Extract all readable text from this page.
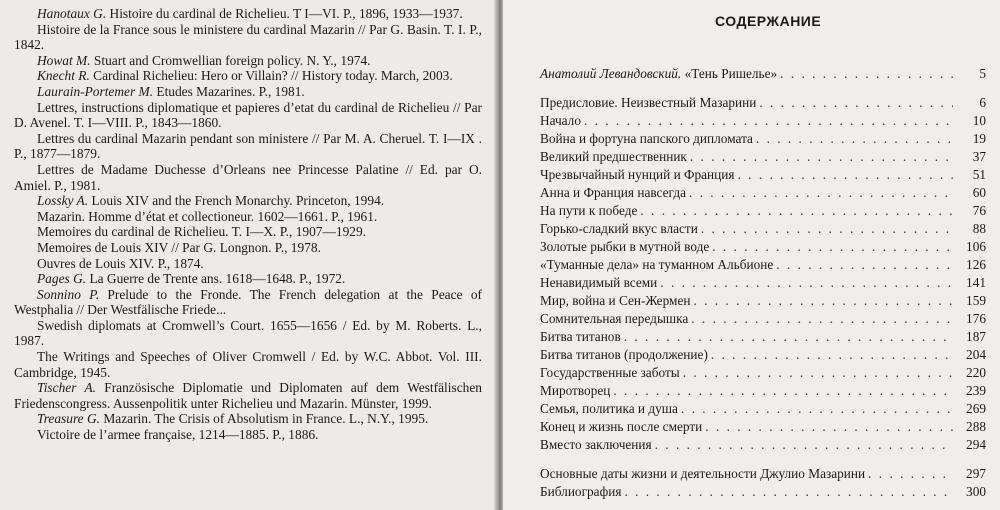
Hanotaux G. Histoire du cardinal de Richelieu. T I—VI. P., 1896, 1933—1937.

Histoire de la France sous le ministere du cardinal Mazarin // Par G. Basin. T. I. P., 1842.

Howat M. Stuart and Cromwellian foreign policy. N. Y., 1974.

Knecht R. Cardinal Richelieu: Hero or Villain? // History today. March, 2003.

Laurain-Portemer M. Etudes Mazarines. P., 1981.

Lettres, instructions diplomatique et papieres d’etat du cardinal de Richelieu // Par D. Avenel. T. I—VIII. P., 1843—1860.

Lettres du cardinal Mazarin pendant son ministere // Par M. A. Cheruel. T. I—IX . P., 1877—1879.

Lettres de Madame Duchesse d’Orleans nee Princesse Palatine // Ed. par O. Amiel. P., 1981.

Lossky A. Louis XIV and the French Monarchy. Princeton, 1994.

Mazarin. Homme d’état et collectioneur. 1602—1661. P., 1961.

Memoires du cardinal de Richelieu. T. I—X. P., 1907—1929.

Memoires de Louis XIV // Par G. Longnon. P., 1978.

Ouvres de Louis XIV. P., 1874.

Pages G. La Guerre de Trente ans. 1618—1648. P., 1972.

Sonnino P. Prelude to the Fronde. The French delegation at the Peace of Westphalia // Der Westfälische Friede...

Swedish diplomats at Cromwell’s Court. 1655—1656 / Ed. by M. Roberts. L., 1987.

The Writings and Speeches of Oliver Cromwell / Ed. by W.C. Abbot. Vol. III. Cambridge, 1945.

Tischer A. Französische Diplomatie und Diplomaten auf dem Westfälischen Friedenscongress. Aussenpolitik unter Richelieu und Mazarin. Münster, 1999.

Treasure G. Mazarin. The Crisis of Absolutism in France. L., N.Y., 1995.

Victoire de l’armee française, 1214—1885. P., 1886.

СОДЕРЖАНИЕ
Анатолий Левандовский. «Тень Ришелье» . . .	5
Предисловие. Неизвестный Мазарини . . .	6
Начало . . .	10
Война и фортуна папского дипломата . . .	19
Великий предшественник . . .	37
Чрезвычайный нунций и Франция . . .	51
Анна и Франция навсегда . . .	60
На пути к победе . . .	76
Горько-сладкий вкус власти . . .	88
Золотые рыбки в мутной воде . . .	106
«Туманные дела» на туманном Альбионе . . .	126
Ненавидимый всеми . . .	141
Мир, война и Сен-Жермен . . .	159
Сомнительная передышка . . .	176
Битва титанов . . .	187
Битва титанов (продолжение) . . .	204
Государственные заботы . . .	220
Миротворец . . .	239
Семья, политика и душа . . .	269
Конец и жизнь после смерти . . .	288
Вместо заключения . . .	294
Основные даты жизни и деятельности Джулио Мазарини . . .	297
Библиография . . .	300
